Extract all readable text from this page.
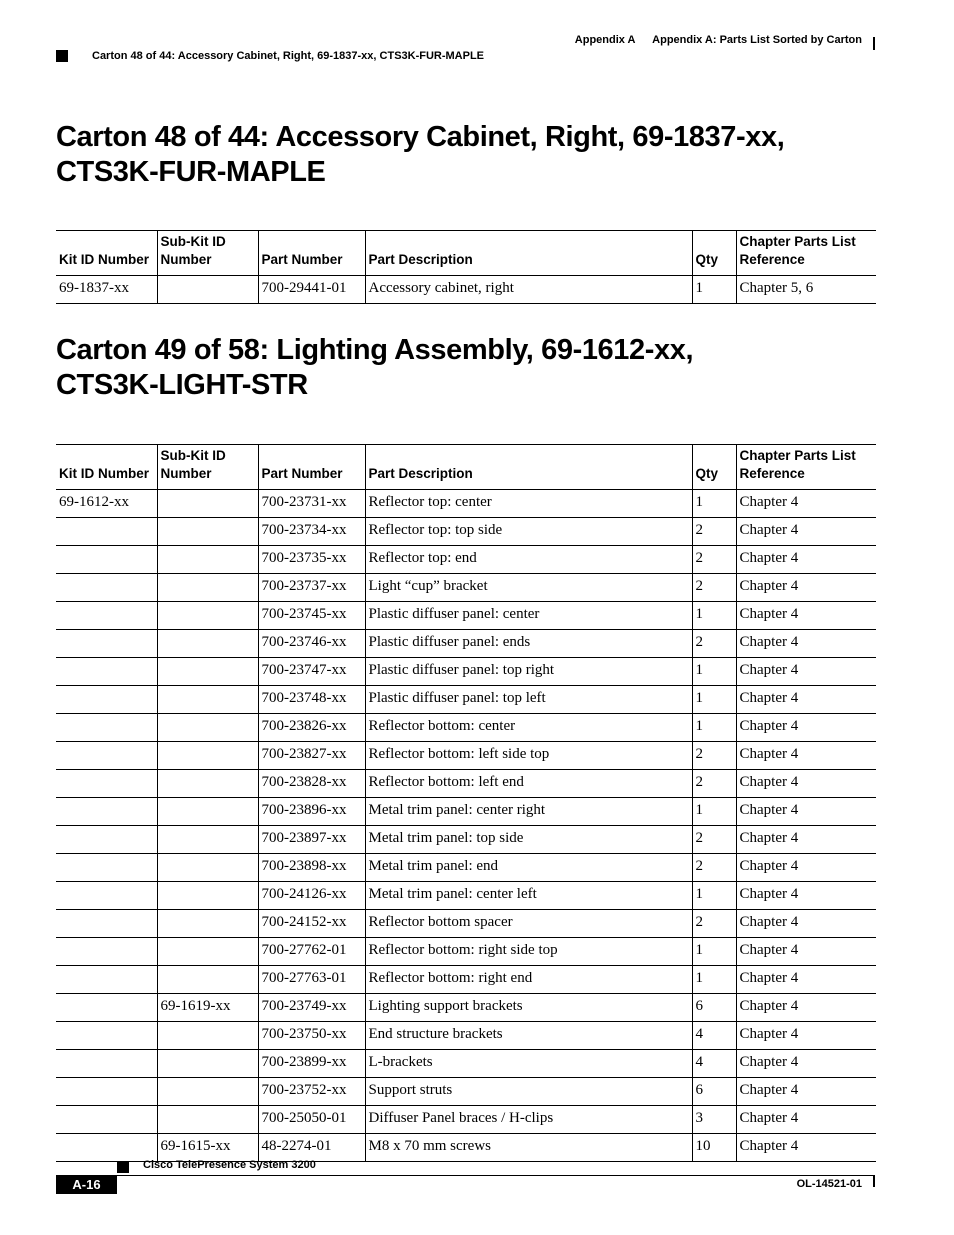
Appendix A Appendix A: Parts List Sorted by Carton
Carton 48 of 44: Accessory Cabinet, Right, 69-1837-xx, CTS3K-FUR-MAPLE
Carton 48 of 44: Accessory Cabinet, Right, 69-1837-xx,
CTS3K-FUR-MAPLE
Kit ID Number	Sub-Kit ID Number	Part Number	Part Description	Qty	Chapter Parts List Reference
69-1837-xx		700-29441-01	Accessory cabinet, right	1	Chapter 5, 6
Carton 49 of 58: Lighting Assembly, 69-1612-xx,
CTS3K-LIGHT-STR
Kit ID Number	Sub-Kit ID Number	Part Number	Part Description	Qty	Chapter Parts List Reference
69-1612-xx		700-23731-xx	Reflector top: center	1	Chapter 4
		700-23734-xx	Reflector top: top side	2	Chapter 4
		700-23735-xx	Reflector top: end	2	Chapter 4
		700-23737-xx	Light “cup” bracket	2	Chapter 4
		700-23745-xx	Plastic diffuser panel: center	1	Chapter 4
		700-23746-xx	Plastic diffuser panel: ends	2	Chapter 4
		700-23747-xx	Plastic diffuser panel: top right	1	Chapter 4
		700-23748-xx	Plastic diffuser panel: top left	1	Chapter 4
		700-23826-xx	Reflector bottom: center	1	Chapter 4
		700-23827-xx	Reflector bottom: left side top	2	Chapter 4
		700-23828-xx	Reflector bottom: left end	2	Chapter 4
		700-23896-xx	Metal trim panel: center right	1	Chapter 4
		700-23897-xx	Metal trim panel: top side	2	Chapter 4
		700-23898-xx	Metal trim panel: end	2	Chapter 4
		700-24126-xx	Metal trim panel: center left	1	Chapter 4
		700-24152-xx	Reflector bottom spacer	2	Chapter 4
		700-27762-01	Reflector bottom: right side top	1	Chapter 4
		700-27763-01	Reflector bottom: right end	1	Chapter 4
	69-1619-xx	700-23749-xx	Lighting support brackets	6	Chapter 4
		700-23750-xx	End structure brackets	4	Chapter 4
		700-23899-xx	L-brackets	4	Chapter 4
		700-23752-xx	Support struts	6	Chapter 4
		700-25050-01	Diffuser Panel braces / H-clips	3	Chapter 4
	69-1615-xx	48-2274-01	M8 x 70 mm screws	10	Chapter 4
Cisco TelePresence System 3200
A-16	OL-14521-01
